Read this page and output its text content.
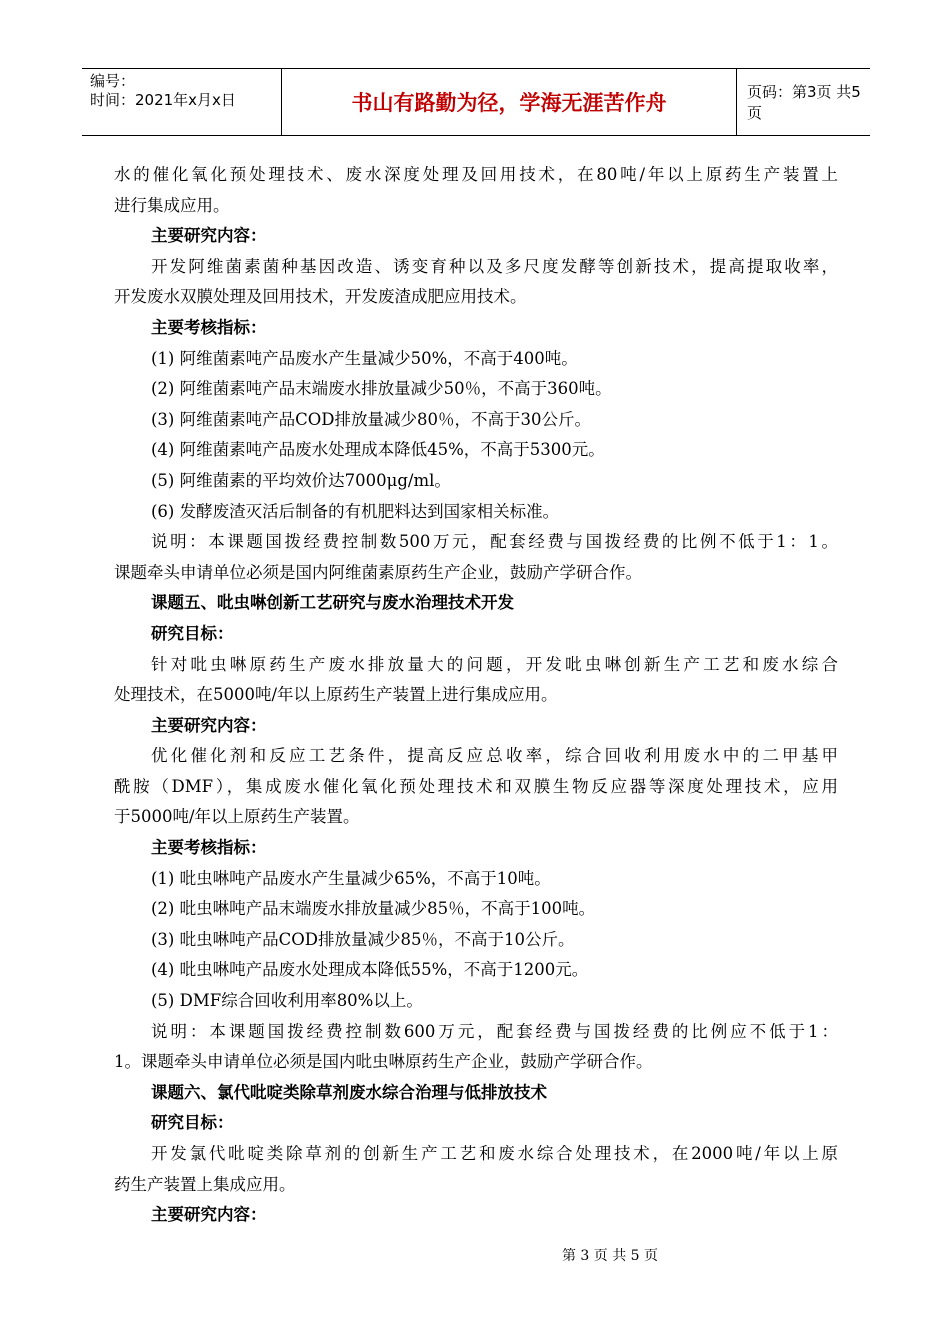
编号：
时间：2021年x月x日	书山有路勤为径，学海无涯苦作舟	页码：第3页 共5页
水的催化氧化预处理技术、废水深度处理及回用技术，在80吨/年以上原药生产装置上
进行集成应用。
主要研究内容：
开发阿维菌素菌种基因改造、诱变育种以及多尺度发酵等创新技术，提高提取收率，
开发废水双膜处理及回用技术，开发废渣成肥应用技术。
主要考核指标：
(1) 阿维菌素吨产品废水产生量减少50%，不高于400吨。
(2) 阿维菌素吨产品末端废水排放量减少50％，不高于360吨。
(3) 阿维菌素吨产品COD排放量减少80％，不高于30公斤。
(4) 阿维菌素吨产品废水处理成本降低45%，不高于5300元。
(5) 阿维菌素的平均效价达7000μg/ml。
(6) 发酵废渣灭活后制备的有机肥料达到国家相关标准。
说明：本课题国拨经费控制数500万元，配套经费与国拨经费的比例不低于1：1。
课题牵头申请单位必须是国内阿维菌素原药生产企业，鼓励产学研合作。
课题五、吡虫啉创新工艺研究与废水治理技术开发
研究目标：
针对吡虫啉原药生产废水排放量大的问题，开发吡虫啉创新生产工艺和废水综合
处理技术，在5000吨/年以上原药生产装置上进行集成应用。
主要研究内容：
优化催化剂和反应工艺条件，提高反应总收率，综合回收利用废水中的二甲基甲
酰胺（DMF），集成废水催化氧化预处理技术和双膜生物反应器等深度处理技术，应用
于5000吨/年以上原药生产装置。
主要考核指标：
(1) 吡虫啉吨产品废水产生量减少65%，不高于10吨。
(2) 吡虫啉吨产品末端废水排放量减少85％，不高于100吨。
(3) 吡虫啉吨产品COD排放量减少85％，不高于10公斤。
(4) 吡虫啉吨产品废水处理成本降低55%，不高于1200元。
(5) DMF综合回收利用率80%以上。
说明：本课题国拨经费控制数600万元，配套经费与国拨经费的比例应不低于1：
1。课题牵头申请单位必须是国内吡虫啉原药生产企业，鼓励产学研合作。
课题六、氯代吡啶类除草剂废水综合治理与低排放技术
研究目标：
开发氯代吡啶类除草剂的创新生产工艺和废水综合处理技术，在2000吨/年以上原
药生产装置上集成应用。
主要研究内容：
第 3 页 共 5 页
